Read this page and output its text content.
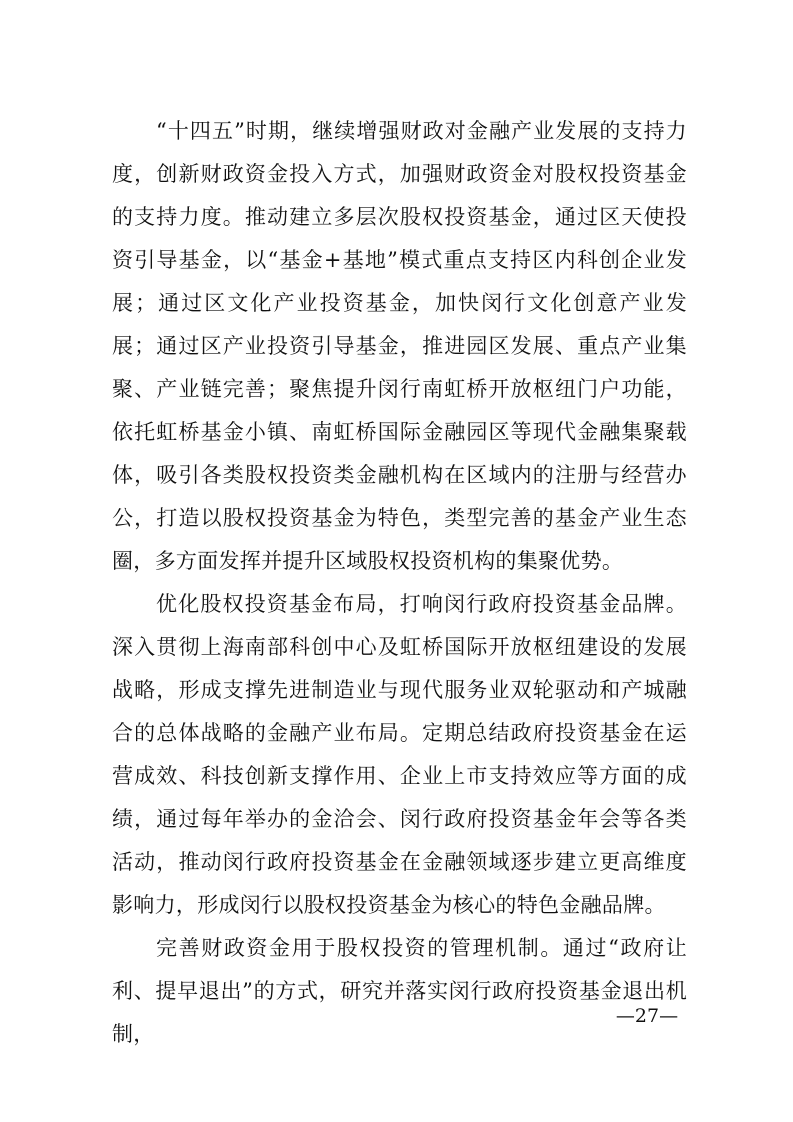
“十四五”时期，继续增强财政对金融产业发展的支持力度，创新财政资金投入方式，加强财政资金对股权投资基金的支持力度。推动建立多层次股权投资基金，通过区天使投资引导基金，以“基金+基地”模式重点支持区内科创企业发展；通过区文化产业投资基金，加快闵行文化创意产业发展；通过区产业投资引导基金，推进园区发展、重点产业集聚、产业链完善；聚焦提升闵行南虹桥开放枢纽门户功能，依托虹桥基金小镇、南虹桥国际金融园区等现代金融集聚载体，吸引各类股权投资类金融机构在区域内的注册与经营办公，打造以股权投资基金为特色，类型完善的基金产业生态圈，多方面发挥并提升区域股权投资机构的集聚优势。

优化股权投资基金布局，打响闵行政府投资基金品牌。深入贯彻上海南部科创中心及虹桥国际开放枢纽建设的发展战略，形成支撑先进制造业与现代服务业双轮驱动和产城融合的总体战略的金融产业布局。定期总结政府投资基金在运营成效、科技创新支撑作用、企业上市支持效应等方面的成绩，通过每年举办的金洽会、闵行政府投资基金年会等各类活动，推动闵行政府投资基金在金融领域逐步建立更高维度影响力，形成闵行以股权投资基金为核心的特色金融品牌。

完善财政资金用于股权投资的管理机制。通过“政府让利、提早退出”的方式，研究并落实闵行政府投资基金退出机制，

—27—
